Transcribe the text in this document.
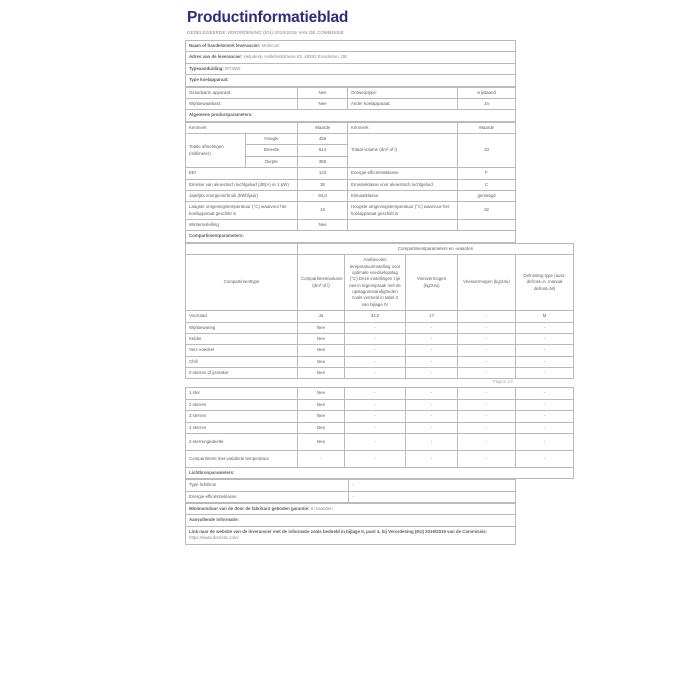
Productinformatieblad
GEDELEGEERDE VERORDENING (EU) 2019/2016 VAN DE COMMISSIE
Naam of handelsmerk leverancier: Mobicool
Adres van de leverancier: Helpdesk, Hollefeldstrasse 63, 48282 Emsdetten, DE
Typeaanduiding: MT35W
Type koelapparaat:
Geluidsarm apparaat:	Nee	Ontwerptype:	vrijstaand
Wijnbewaarkast:	Nee	Ander koelapparaat:	Ja
Algemene productparameters:			
Kenmerk		Waarde	Kenmerk	Waarde
Totale afmetingen (millimeter)	Hoogte	456	Totaal volume (dm³ of l)	33
	Breedte	514		
	Diepte	350		
EEI		123	Energie-efficiëntieklasse	F
Emissie van akoestisch luchtgeluid (dB(A) re 1 pW)		36	Emissieklasse voor akoestisch luchtgeluid	C
Jaarlijks energieverbruik (kWh/jaar)		94,0	Klimaatklasse:	gematigd
Laagste omgevingstemperatuur (°C) waarvoor het koelapparaat geschikt is		16	Hoogste omgevingstemperatuur (°C) waarvoor het koelapparaat geschikt is	32
Winterinstelling		Nee		
Compartimentparameters:				
	Compartimentparameters en -waarden				
Compartimenttype	Compartimentvolume (dm³ of l)	Aanbevolen temperatuurinstelling voor optimale voedselopslag (°C) Deze instellingen zijn niet in tegenspraak met de opslagomstandigheden zoals vermeld in tabel 3 van bijlage IV	Vriesvermogen (kg/24u)	Vriesvermogen (kg/24u)	Defrosting type (auto-defrost=A, manual defrost=M)
Voorraad	Ja	33,0	17	-	M
Wijnbewaring	Nee	-	-	-	-
Kelder	Nee	-	-	-	-
Vers voedsel	Nee	-	-	-	-
Chill	Nee	-	-	-	-
0 sterren of ijsmaker	Nee	-	-	-	-
Pagina 1/2
1 ster	Nee	-	-	-	-
2 sterren	Nee	-	-	-	-
3 sterren	Nee	-	-	-	-
4 sterren	Nee	-	-	-	-
2-sterrengedeelte	Nee	-	-	-	-
Compartiment met variabele temperatuur	-	-	-	-	-
Lichtbronparameters:					
Type lichtbron	-
Energie-efficiëntieklasse	-
Minimumduur van de door de fabrikant geboden garantie: 0 maanden
Aanvullende informatie:
Link naar de website van de leverancier met de informatie zoals bedoeld in bijlage II, punt 4, bij Verordening (EU) 2019/2019 van de Commissie: https://www.dometic.com/
